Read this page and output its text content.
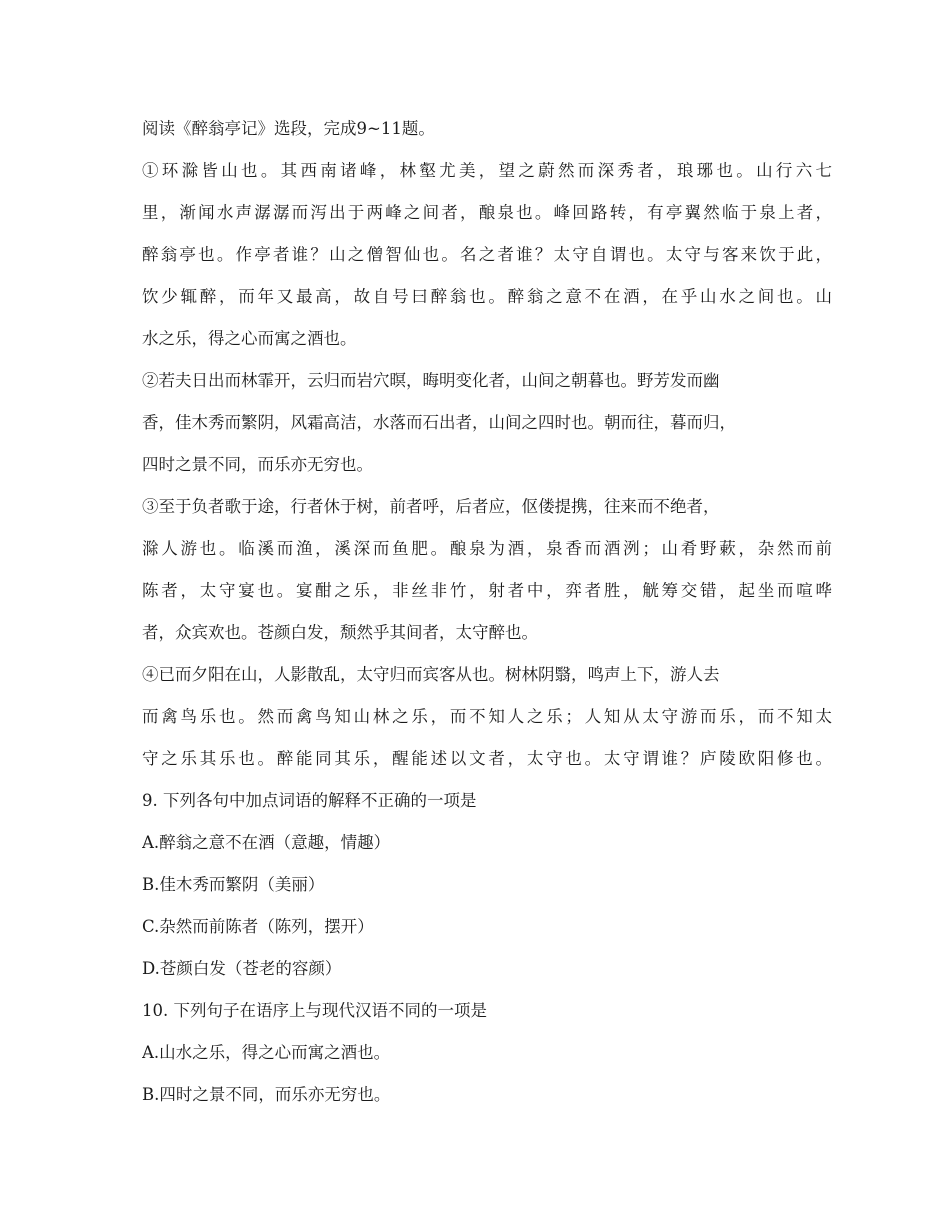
阅读《醉翁亭记》选段，完成9~11题。
①环滁皆山也。其西南诸峰，林壑尤美，望之蔚然而深秀者，琅琊也。山行六七
里，渐闻水声潺潺而泻出于两峰之间者，酿泉也。峰回路转，有亭翼然临于泉上者，
醉翁亭也。作亭者谁？山之僧智仙也。名之者谁？太守自谓也。太守与客来饮于此，
饮少辄醉，而年又最高，故自号曰醉翁也。醉翁之意不在酒，在乎山水之间也。山
水之乐，得之心而寓之酒也。
②若夫日出而林霏开，云归而岩穴暝，晦明变化者，山间之朝暮也。野芳发而幽
香，佳木秀而繁阴，风霜高洁，水落而石出者，山间之四时也。朝而往，暮而归，
四时之景不同，而乐亦无穷也。
③至于负者歌于途，行者休于树，前者呼，后者应，伛偻提携，往来而不绝者，
滁人游也。临溪而渔，溪深而鱼肥。酿泉为酒，泉香而酒洌；山肴野蔌，杂然而前
陈者，太守宴也。宴酣之乐，非丝非竹，射者中，弈者胜，觥筹交错，起坐而喧哗
者，众宾欢也。苍颜白发，颓然乎其间者，太守醉也。
④已而夕阳在山，人影散乱，太守归而宾客从也。树林阴翳，鸣声上下，游人去
而禽鸟乐也。然而禽鸟知山林之乐，而不知人之乐；人知从太守游而乐，而不知太
守之乐其乐也。醉能同其乐，醒能述以文者，太守也。太守谓谁？庐陵欧阳修也。
9. 下列各句中加点词语的解释不正确的一项是
A.醉翁之意不在酒（意趣，情趣）
B.佳木秀而繁阴（美丽）
C.杂然而前陈者（陈列，摆开）
D.苍颜白发（苍老的容颜）
10. 下列句子在语序上与现代汉语不同的一项是
A.山水之乐，得之心而寓之酒也。
B.四时之景不同，而乐亦无穷也。
